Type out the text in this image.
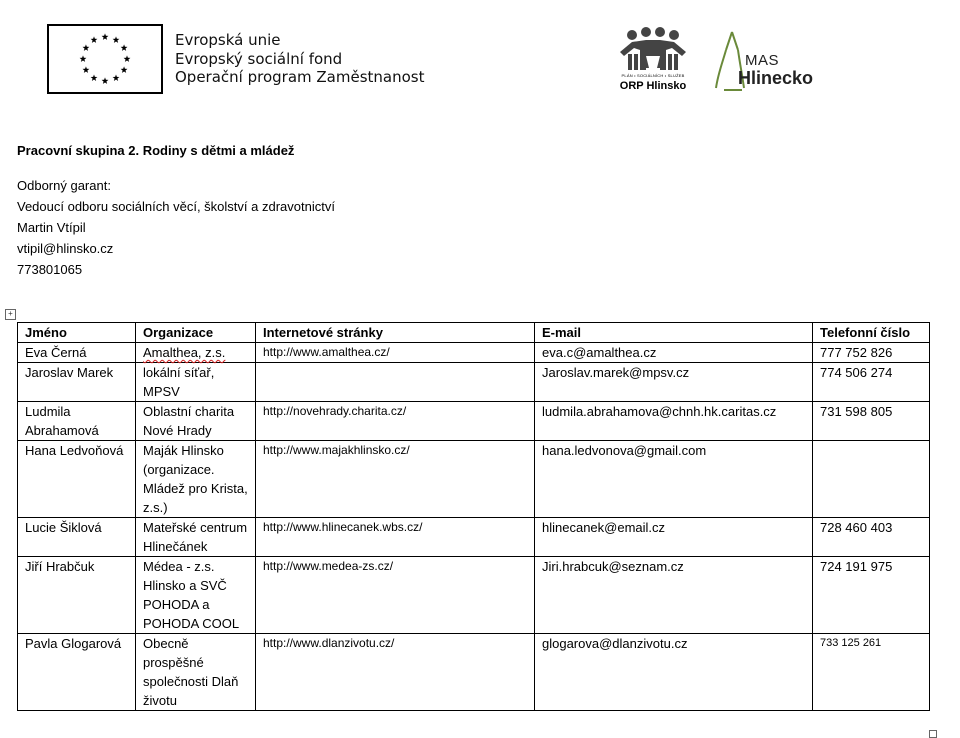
Evropská unie
Evropský sociální fond
Operační program Zaměstnanost	PLÁN • SOCIÁLNÍCH • SLUŽEB
ORP Hlinsko
MAS
Hlinecko
Pracovní skupina 2. Rodiny s dětmi a mládež
Odborný garant:
Vedoucí odboru sociálních věcí, školství a zdravotnictví
Martin Vtípil
vtipil@hlinsko.cz
773801065
+
Jméno	Organizace	Internetové stránky	E-mail	Telefonní číslo
Eva Černá	Amalthea, z.s.	http://www.amalthea.cz/	eva.c@amalthea.cz	777 752 826
Jaroslav Marek	lokální síťař, MPSV		Jaroslav.marek@mpsv.cz	774 506 274
Ludmila Abrahamová	Oblastní charita Nové Hrady	http://novehrady.charita.cz/	ludmila.abrahamova@chnh.hk.caritas.cz	731 598 805
Hana Ledvoňová	Maják Hlinsko (organizace. Mládež pro Krista, z.s.)	http://www.majakhlinsko.cz/	hana.ledvonova@gmail.com	
Lucie Šiklová	Mateřské centrum Hlinečánek	http://www.hlinecanek.wbs.cz/	hlinecanek@email.cz	728 460 403
Jiří Hrabčuk	Médea - z.s. Hlinsko a SVČ POHODA a POHODA COOL	http://www.medea-zs.cz/	Jiri.hrabcuk@seznam.cz	724 191 975
Pavla Glogarová	Obecně prospěšné společnosti Dlaň životu	http://www.dlanzivotu.cz/	glogarova@dlanzivotu.cz	733 125 261
